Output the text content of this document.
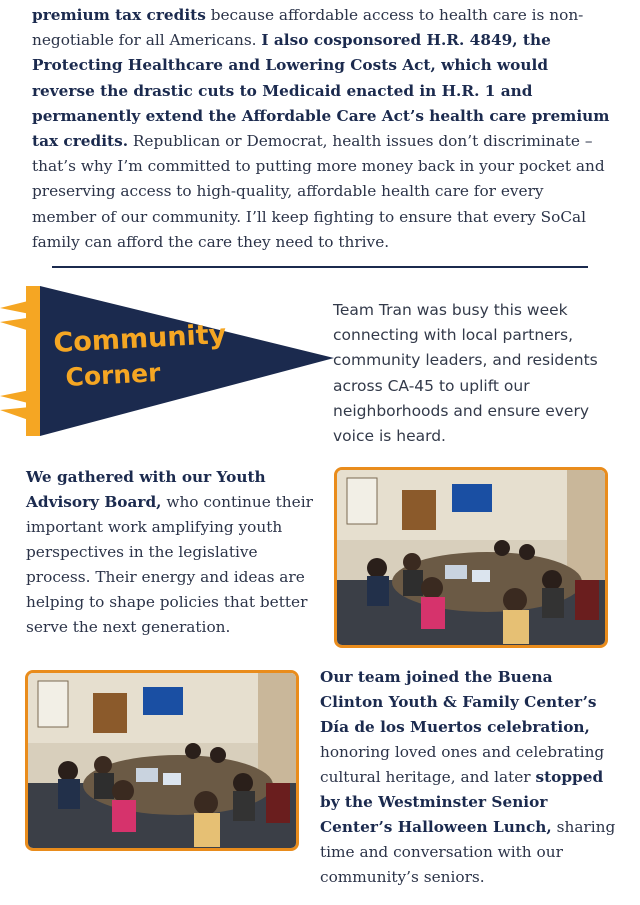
premium tax credits because affordable access to health care is non-negotiable for all Americans. I also cosponsored H.R. 4849, the Protecting Healthcare and Lowering Costs Act, which would reverse the drastic cuts to Medicaid enacted in H.R. 1 and permanently extend the Affordable Care Act’s health care premium tax credits. Republican or Democrat, health issues don’t discriminate – that’s why I’m committed to putting more money back in your pocket and preserving access to high-quality, affordable health care for every member of our community. I’ll keep fighting to ensure that every SoCal family can afford the care they need to thrive.
Community
Corner
Team Tran was busy this week connecting with local partners, community leaders, and residents across CA-45 to uplift our neighborhoods and ensure every voice is heard.
We gathered with our Youth Advisory Board, who continue their important work amplifying youth perspectives in the legislative process. Their energy and ideas are helping to shape policies that better serve the next generation.
Our team joined the Buena Clinton Youth & Family Center’s Día de los Muertos celebration, honoring loved ones and celebrating cultural heritage, and later stopped by the Westminster Senior Center’s Halloween Lunch, sharing time and conversation with our community’s seniors.
